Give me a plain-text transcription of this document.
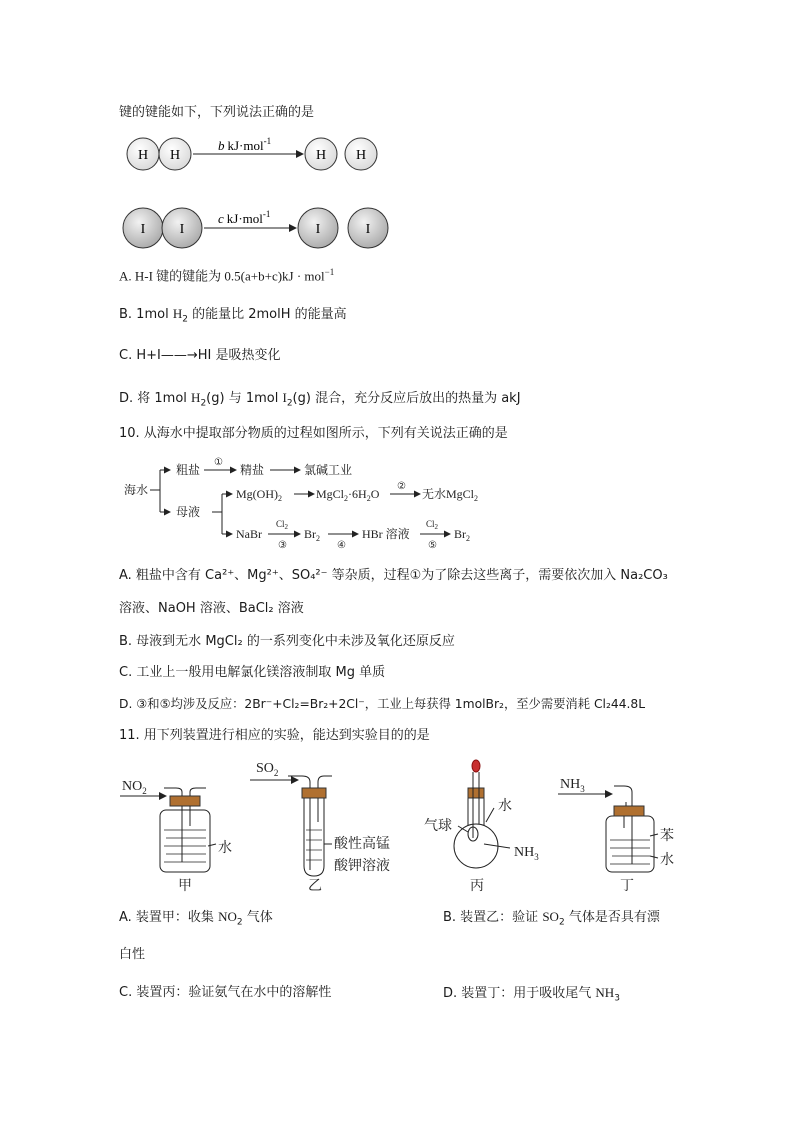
键的键能如下，下列说法正确的是
H H
b kJ·mol$^{-1}$
H H
I I
c kJ·mol$^{-1}$
I	I
A. H-I 键的键能为 0.5(a+b+c)kJ · mol$^{-1}$
B. 1mol $H_2$ 的能量比 2molH 的能量高
C. H+I——→HI 是吸热变化
D. 将 1mol $H_2(g)$ 与 1mol $I_2(g)$ 混合，充分反应后放出的热量为 akJ
10. 从海水中提取部分物质的过程如图所示，下列有关说法正确的是
海水
粗盐
①
精盐	氯碱工业
母液
$Mg(OH)_2$	$MgCl_2\cdot 6H_2O$
②
无水MgCl$_2$
NaBr
$Cl_2$
③
$Br_2$
④
HBr 溶液
$Cl_2$
⑤
$Br_2$
A. 粗盐中含有 Ca²⁺、Mg²⁺、SO₄²⁻ 等杂质，过程①为了除去这些离子，需要依次加入 Na₂CO₃
溶液、NaOH 溶液、BaCl₂ 溶液
B. 母液到无水 MgCl₂ 的一系列变化中未涉及氧化还原反应
C. 工业上一般用电解氯化镁溶液制取 Mg 单质
D. ③和⑤均涉及反应：2Br⁻+Cl₂=Br₂+2Cl⁻，工业上每获得 1molBr₂，至少需要消耗 Cl₂44.8L
11. 用下列装置进行相应的实验，能达到实验目的的是
$NO_2$
水
甲
$SO_2$
酸性高锰
酸钾溶液
乙
气球
水
$NH_3$
丙
$NH_3$
苯
水
丁
A. 装置甲：收集 $NO_2$ 气体	B. 装置乙：验证 $SO_2$ 气体是否具有漂
白性
C. 装置丙：验证氨气在水中的溶解性	D. 装置丁：用于吸收尾气 $NH_3$
